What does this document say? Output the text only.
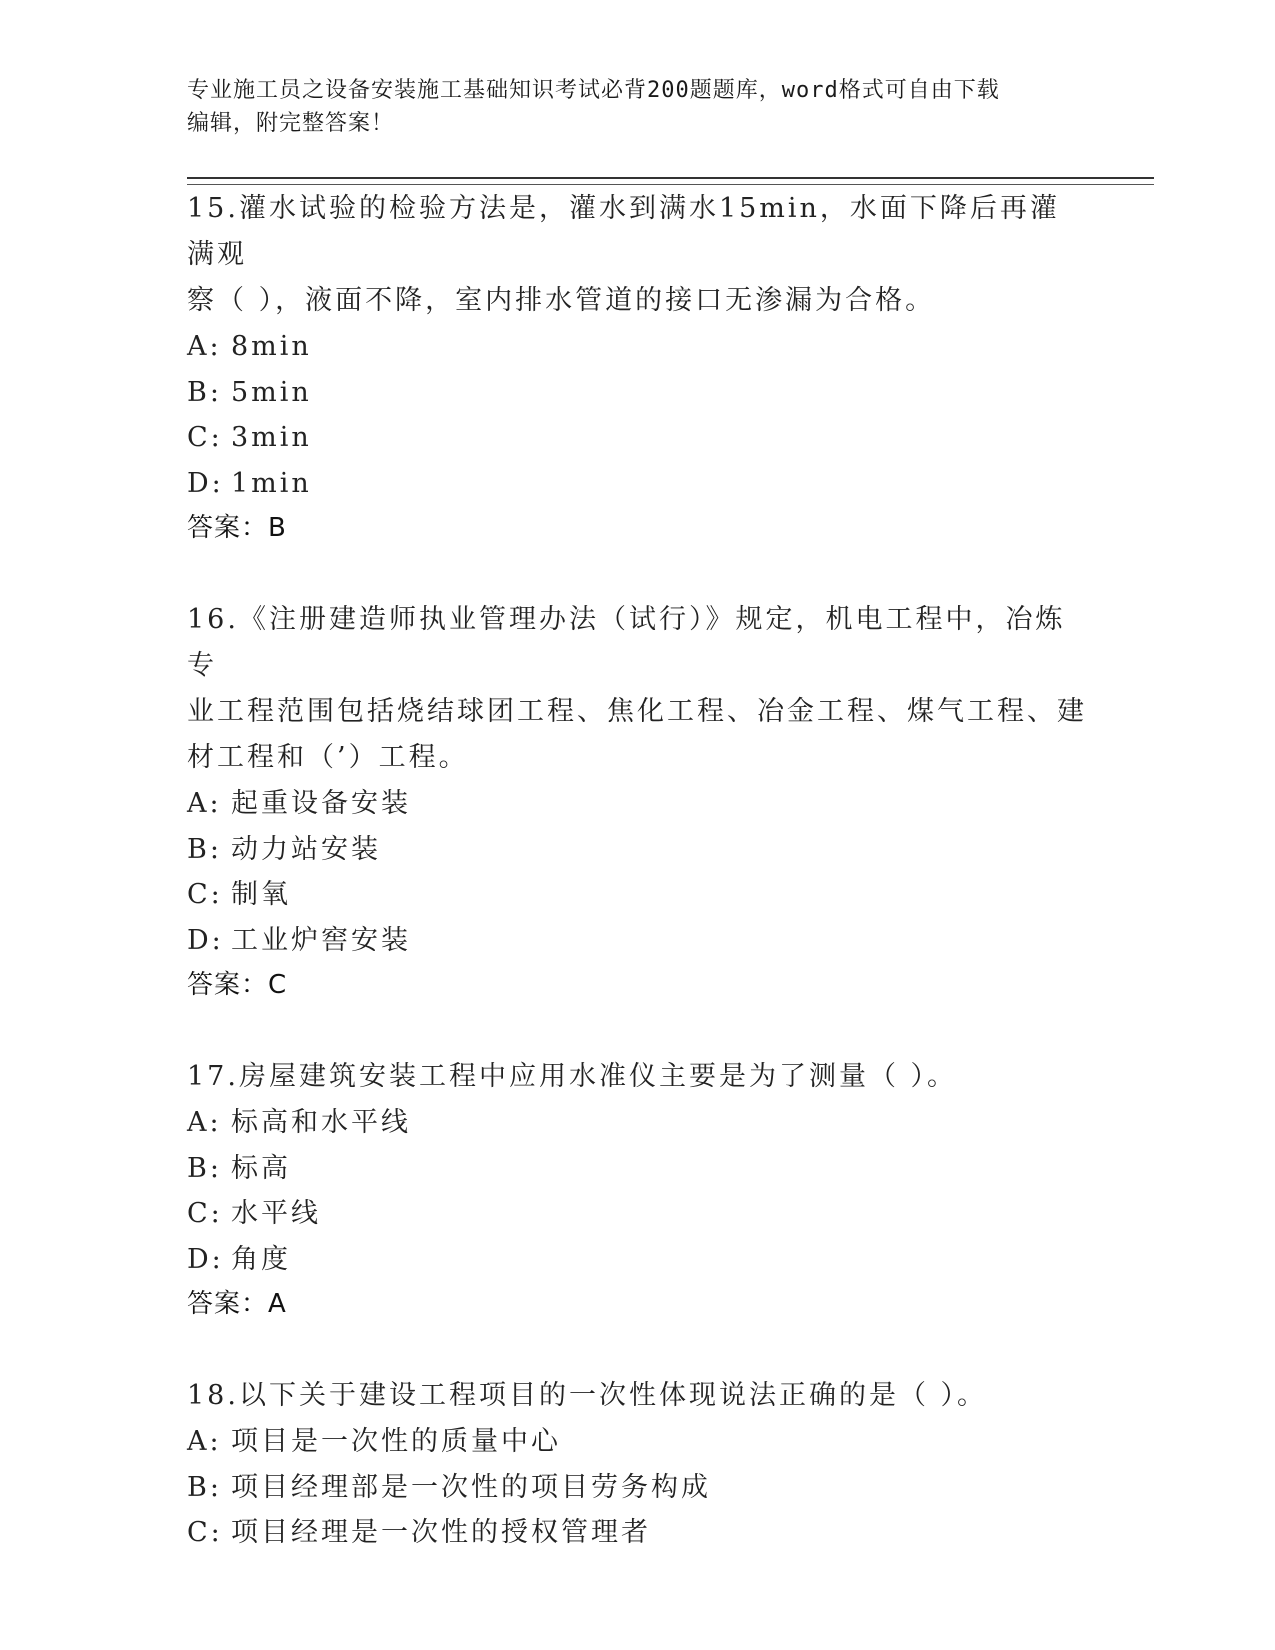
专业施工员之设备安装施工基础知识考试必背200题题库，word格式可自由下载
编辑，附完整答案！
15.灌水试验的检验方法是，灌水到满水15min，水面下降后再灌满观
察（ ），液面不降，室内排水管道的接口无渗漏为合格。
A: 8min
B: 5min
C: 3min
D: 1min
答案：B
16.《注册建造师执业管理办法（试行）》规定，机电工程中，冶炼专
业工程范围包括烧结球团工程、焦化工程、冶金工程、煤气工程、建
材工程和（’）工程。
A: 起重设备安装
B: 动力站安装
C: 制氧
D: 工业炉窖安装
答案：C
17.房屋建筑安装工程中应用水准仪主要是为了测量（ ）。
A: 标高和水平线
B: 标高
C: 水平线
D: 角度
答案：A
18.以下关于建设工程项目的一次性体现说法正确的是（ ）。
A: 项目是一次性的质量中心
B: 项目经理部是一次性的项目劳务构成
C: 项目经理是一次性的授权管理者
